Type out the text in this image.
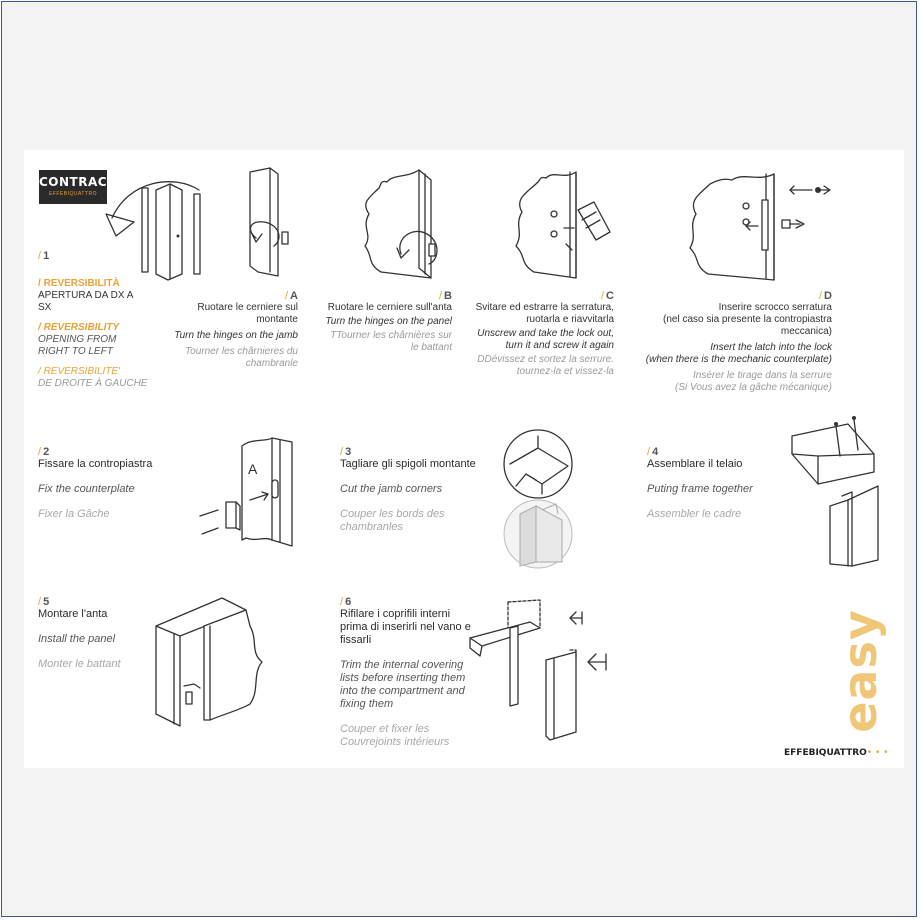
CONTRACT
EFFEBIQUATTRO
/ 1
/ REVERSIBILITÀ
APERTURA DA DX A SX
/ REVERSIBILITY
OPENING FROM RIGHT TO LEFT
/ REVERSIBILITE'
DE DROITE À GAUCHE
/ A
Ruotare le cerniere sul montante
Turn the hinges on the jamb
Tourner les chârnieres du chambranle
/ B
Ruotare le cerniere sull'anta
Turn the hinges on the panel
TTourner les chârnières sur le battant
/ C
Svitare ed estrarre la serratura, ruotarla e riavvitarla
Unscrew and take the lock out, turn it and screw it again
DDévissez et sortez la serrure. tournez-la et vissez-la
/ D
Inserire scrocco serratura
(nel caso sia presente la contropiastra meccanica)
Insert the latch into the lock
(when there is the mechanic counterplate)
Insérer le tirage dans la serrure
(Si Vous avez la gâche mécanique)
/ 2
Fissare la contropiastra
Fix the counterplate
Fixer la Gâche
A
/ 3
Tagliare gli spigoli montante
Cut the jamb corners
Couper les bords des chambranles
/ 4
Assemblare il telaio
Puting frame together
Assembler le cadre
/ 5
Montare l'anta
Install the panel
Monter le battant
/ 6
Rifilare i coprifili interni prima di inserirli nel vano e fissarli
Trim the internal covering lists before inserting them into the compartment and fixing them
Couper et fixer les Couvrejoints intérieurs
easy
EFFEBIQUATTRO• • •
